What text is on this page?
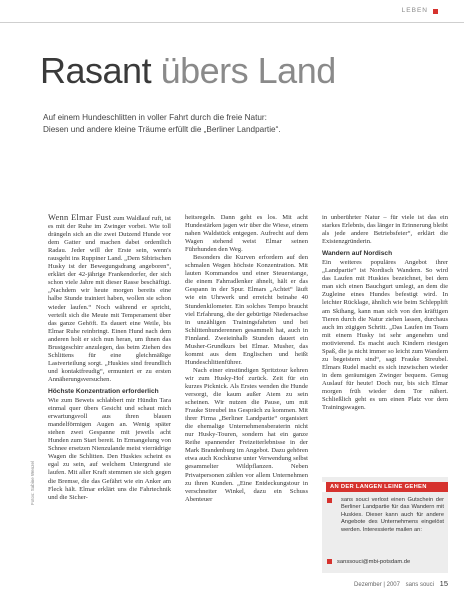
LEBEN
Rasant übers Land
Auf einem Hundeschlitten in voller Fahrt durch die freie Natur:
Diesen und andere kleine Träume erfüllt die „Berliner Landpartie“.

Wenn Elmar Fust zum Waldlauf ruft, ist es mit der Ruhe im Zwinger vorbei. Wie toll drängeln sich an die zwei Dutzend Hunde vor dem Gatter und machen dabei ordentlich Radau. Jeder will der Erste sein, wenn's rausgeht ins Ruppiner Land. „Dem Sibirischen Husky ist der Bewegungsdrang angeboren“, erklärt der 42-jährige Frankendorfer, der sich schon viele Jahre mit dieser Rasse beschäftigt. „Nachdem wir heute morgen bereits eine halbe Stunde trainiert haben, wollen sie schon wieder laufen.“ Noch während er spricht, verteilt sich die Meute mit Temperament über das ganze Gehöft. Es dauert eine Weile, bis Elmar Ruhe reinbringt. Einen Hund nach dem anderen holt er sich nun heran, um ihnen das Brustgeschirr anzulegen, das beim Ziehen des Schlittens für eine gleichmäßige Lastverteilung sorgt. „Huskies sind freundlich und kontaktfreudig“, ermuntert er zu ersten Annäherungsversuchen.

Höchste Konzentration erforderlich

Wie zum Beweis schlabbert mir Hündin Tara einmal quer übers Gesicht und schaut mich erwartungsvoll aus ihren blauen mandelförmigen Augen an. Wenig später stehen zwei Gespanne mit jeweils acht Hunden zum Start bereit. In Ermangelung von Schnee ersetzen Nienzulande meist vierrädrige Wagen die Schlitten. Den Huskies scheint es egal zu sein, auf welchem Untergrund sie laufen. Mit aller Kraft stemmen sie sich gegen die Bremse, die das Gefährt wie ein Anker am Fleck hält. Elmar erklärt uns die Fahrtechnik und die Sicher-

heitsregeln. Dann geht es los. Mit acht Hundestärken jagen wir über die Wiese, einem nahen Waldstück entgegen. Aufrecht auf dem Wagen stehend weist Elmar seinen Führhunden den Weg.

Besonders die Kurven erfordern auf den schmalen Wegen höchste Konzentration. Mit lauten Kommandos und einer Steuerstange, die einem Fahrradlenker ähnelt, hält er das Gespann in der Spur. Elmars „Achtet“ läuft wie ein Uhrwerk und erreicht beinahe 40 Stundenkilometer. Ein solches Tempo braucht viel Erfahrung, die der gebürtige Niedersachse in unzähligen Trainingsfahrten und bei Schlittenhunderennen gesammelt hat, auch in Finnland. Zweieinhalb Stunden dauert ein Musher-Grundkurs bei Elmar. Musher, das kommt aus dem Englischen und heißt Hundeschlittenführer.

Nach einer einstündigen Spritztour kehren wir zum Husky-Hof zurück. Zeit für ein kurzes Picknick. Als Erstes wenden die Hunde versorgt, die kaum außer Atem zu sein scheinen. Wir nutzen die Pause, um mit Frauke Streubel ins Gespräch zu kommen. Mit ihrer Firma „Berliner Landpartie“ organisiert die ehemalige Unternehmensberaterin nicht nur Husky-Touren, sondern hat ein ganze Reihe spannender Freizeiterlebnisse in der Mark Brandenburg im Angebot. Dazu gehören etwa auch Kochkurse unter Verwendung selbst gesammelter Wildpflanzen. Neben Privatpersonen zählen vor allem Unternehmen zu ihren Kunden. „Eine Entdeckungstour in verschneiter Winkel, dazu ein Schuss Abenteuer

in unberührter Natur – für viele ist das ein starkes Erlebnis, das länger in Erinnerung bleibt als jede andere Betriebsfeier“, erklärt die Existenzgründerin.

Wandern auf Nordisch

Ein weiteres populäres Angebot ihrer „Landpartie“ ist Nordisch Wandern. So wird das Laufen mit Huskies bezeichnet, bei dem man sich einen Bauchgurt umlegt, an dem die Zugleine eines Hundes befestigt wird. In leichter Rücklage, ähnlich wie beim Schlepplift am Skihang, kann man sich von den kräftigen Tieren durch die Natur ziehen lassen, durchaus auch im zügigen Schritt. „Das Laufen im Team mit einem Husky ist sehr angenehm und motivierend. Es macht auch Kindern riesigen Spaß, die ja nicht immer so leicht zum Wandern zu begeistern sind“, sagt Frauke Streubel. Elmars Rudel macht es sich inzwischen wieder in dem geräumigen Zwinger bequem. Genug Auslauf für heute! Doch nur, bis sich Elmar morgen früh wieder dem Tor nähert. Schließlich geht es um einen Platz vor dem Trainingswagen.

Fotos: Sabine Wenzel	AN DER LANGEN LEINE GEHEN
sans souci verlost einen Gutschein der Berliner Landpartie für das Wandern mit Huskies. Dieser kann auch für andere Angebote des Unternehmens eingelöst werden. Interessierte mailen an:
sanssouci@mbi-potsdam.de
Dezember | 2007 sans souci 15
